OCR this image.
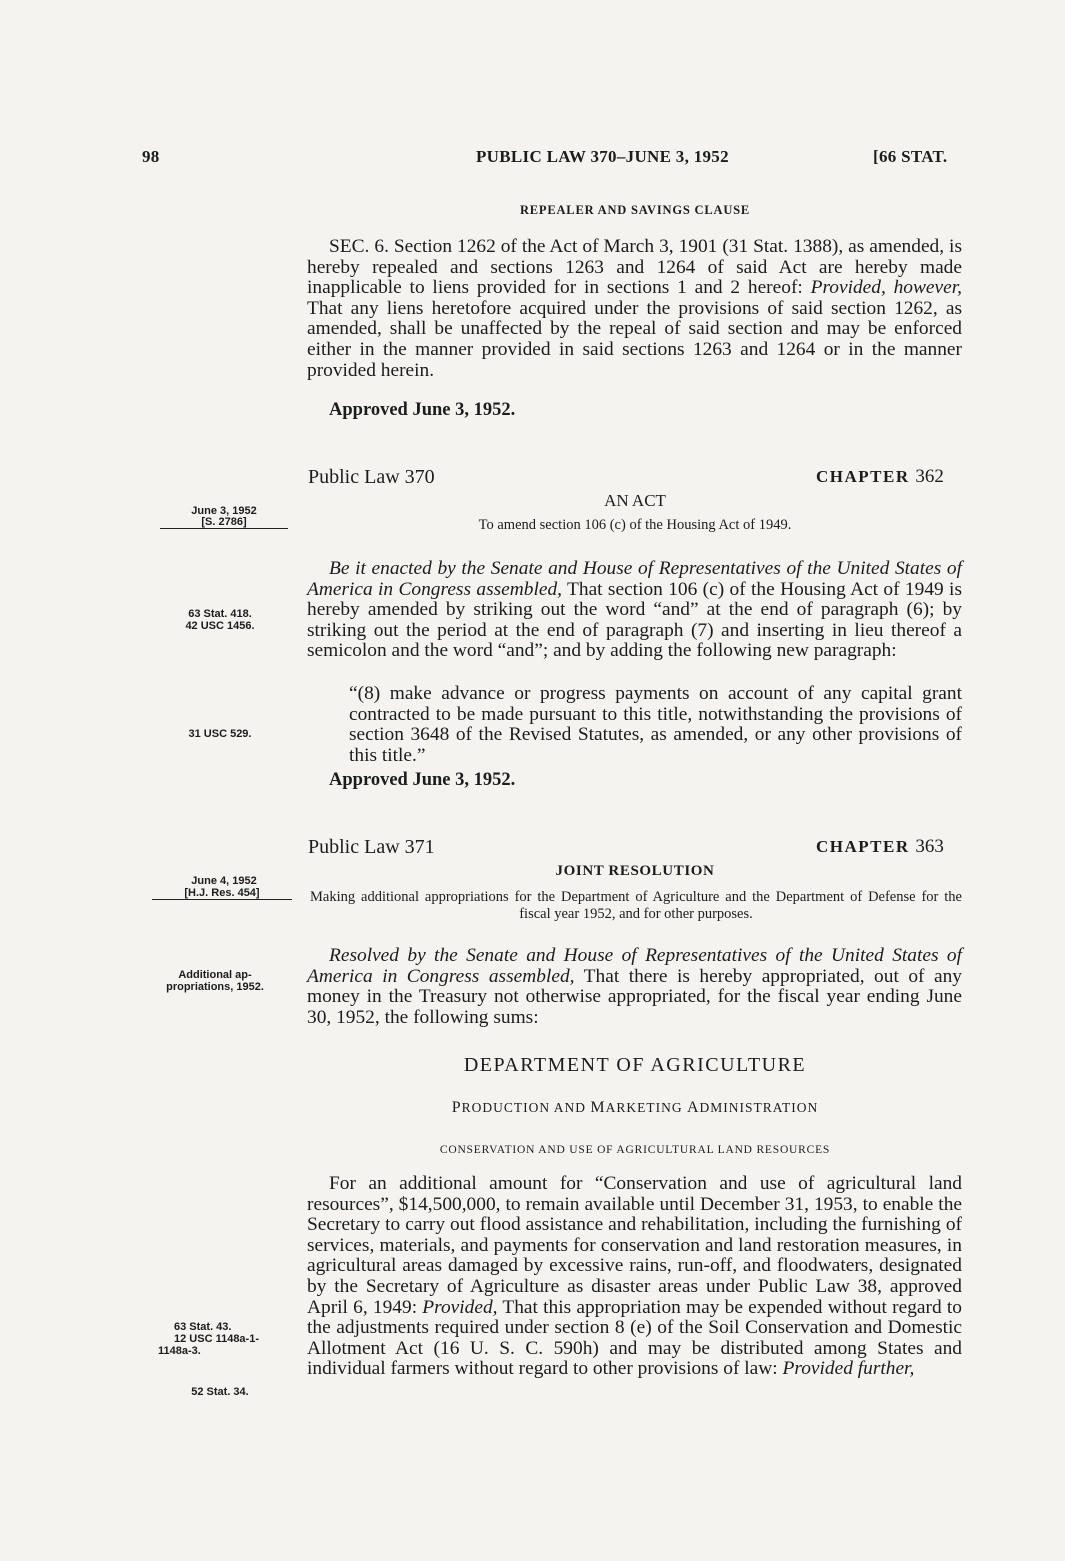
98	PUBLIC LAW 370–JUNE 3, 1952	[66 STAT.
REPEALER AND SAVINGS CLAUSE
SEC. 6. Section 1262 of the Act of March 3, 1901 (31 Stat. 1388), as amended, is hereby repealed and sections 1263 and 1264 of said Act are hereby made inapplicable to liens provided for in sections 1 and 2 hereof: Provided, however, That any liens heretofore acquired under the provisions of said section 1262, as amended, shall be unaffected by the repeal of said section and may be enforced either in the manner provided in said sections 1263 and 1264 or in the manner provided herein.
Approved June 3, 1952.
Public Law 370	CHAPTER 362
AN ACT
To amend section 106 (c) of the Housing Act of 1949.
June 3, 1952
[S. 2786]
63 Stat. 418.
42 USC 1456.
Be it enacted by the Senate and House of Representatives of the United States of America in Congress assembled, That section 106 (c) of the Housing Act of 1949 is hereby amended by striking out the word “and” at the end of paragraph (6); by striking out the period at the end of paragraph (7) and inserting in lieu thereof a semicolon and the word “and”; and by adding the following new paragraph:
“(8) make advance or progress payments on account of any capital grant contracted to be made pursuant to this title, notwithstanding the provisions of section 3648 of the Revised Statutes, as amended, or any other provisions of this title.”
31 USC 529.
Approved June 3, 1952.
Public Law 371	CHAPTER 363
JOINT RESOLUTION
Making additional appropriations for the Department of Agriculture and the Department of Defense for the fiscal year 1952, and for other purposes.
June 4, 1952
[H.J. Res. 454]
Additional ap-
propriations, 1952.
Resolved by the Senate and House of Representatives of the United States of America in Congress assembled, That there is hereby appropriated, out of any money in the Treasury not otherwise appropriated, for the fiscal year ending June 30, 1952, the following sums:
DEPARTMENT OF AGRICULTURE
PRODUCTION AND MARKETING ADMINISTRATION
CONSERVATION AND USE OF AGRICULTURAL LAND RESOURCES
For an additional amount for “Conservation and use of agricultural land resources”, $14,500,000, to remain available until December 31, 1953, to enable the Secretary to carry out flood assistance and rehabilitation, including the furnishing of services, materials, and payments for conservation and land restoration measures, in agricultural areas damaged by excessive rains, run-off, and floodwaters, designated by the Secretary of Agriculture as disaster areas under Public Law 38, approved April 6, 1949: Provided, That this appropriation may be expended without regard to the adjustments required under section 8 (e) of the Soil Conservation and Domestic Allotment Act (16 U. S. C. 590h) and may be distributed among States and individual farmers without regard to other provisions of law: Provided further,
63 Stat. 43.
12 USC 1148a-1-
1148a-3.
52 Stat. 34.
